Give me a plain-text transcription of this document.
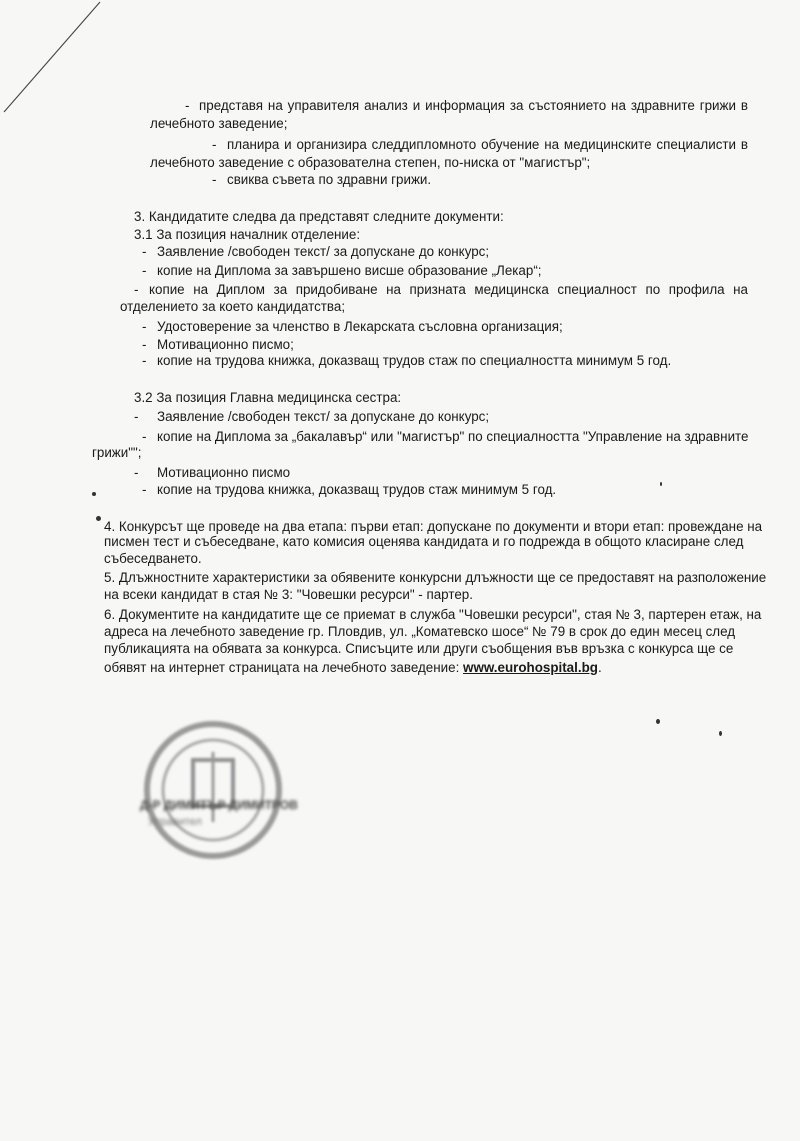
- представя на управителя анализ и информация за състоянието на здравните грижи в
лечебното заведение;
- планира и организира следдипломното обучение на медицинските специалисти в
лечебното заведение с образователна степен, по-ниска от "магистър";
- свиква съвета по здравни грижи.
3. Кандидатите следва да представят следните документи:
3.1 За позиция началник отделение:
- Заявление /свободен текст/ за допускане до конкурс;
- копие на Диплома за завършено висше образование „Лекар“;
- копие на Диплом за придобиване на призната медицинска специалност по профила на
отделението за което кандидатства;
- Удостоверение за членство в Лекарската съсловна организация;
- Мотивационно писмо;
- копие на трудова книжка, доказващ трудов стаж по специалността минимум 5 год.
3.2 За позиция Главна медицинска сестра:
- Заявление /свободен текст/ за допускане до конкурс;
- копие на Диплома за „бакалавър“ или "магистър" по специалността "Управление на здравните
грижи"";
- Мотивационно писмо
- копие на трудова книжка, доказващ трудов стаж минимум 5 год.
4. Конкурсът ще проведе на два етапа: първи етап: допускане по документи и втори етап: провеждане на
писмен тест и събеседване, като комисия оценява кандидата и го подрежда в общото класиране след
събеседването.
5. Длъжностните характеристики за обявените конкурсни длъжности ще се предоставят на разположение
на всеки кандидат в стая № 3: "Човешки ресурси" - партер.
6. Документите на кандидатите ще се приемат в служба "Човешки ресурси", стая № 3, партерен етаж, на
адреса на лечебното заведение гр. Пловдив, ул. „Коматевско шосе“ № 79 в срок до един месец след
публикацията на обявата за конкурса. Списъците или други съобщения във връзка с конкурса ще се
обявят на интернет страницата на лечебното заведение: www.eurohospital.bg.
Д-Р ДИМИТЪР ДИМИТРОВ
Управител
